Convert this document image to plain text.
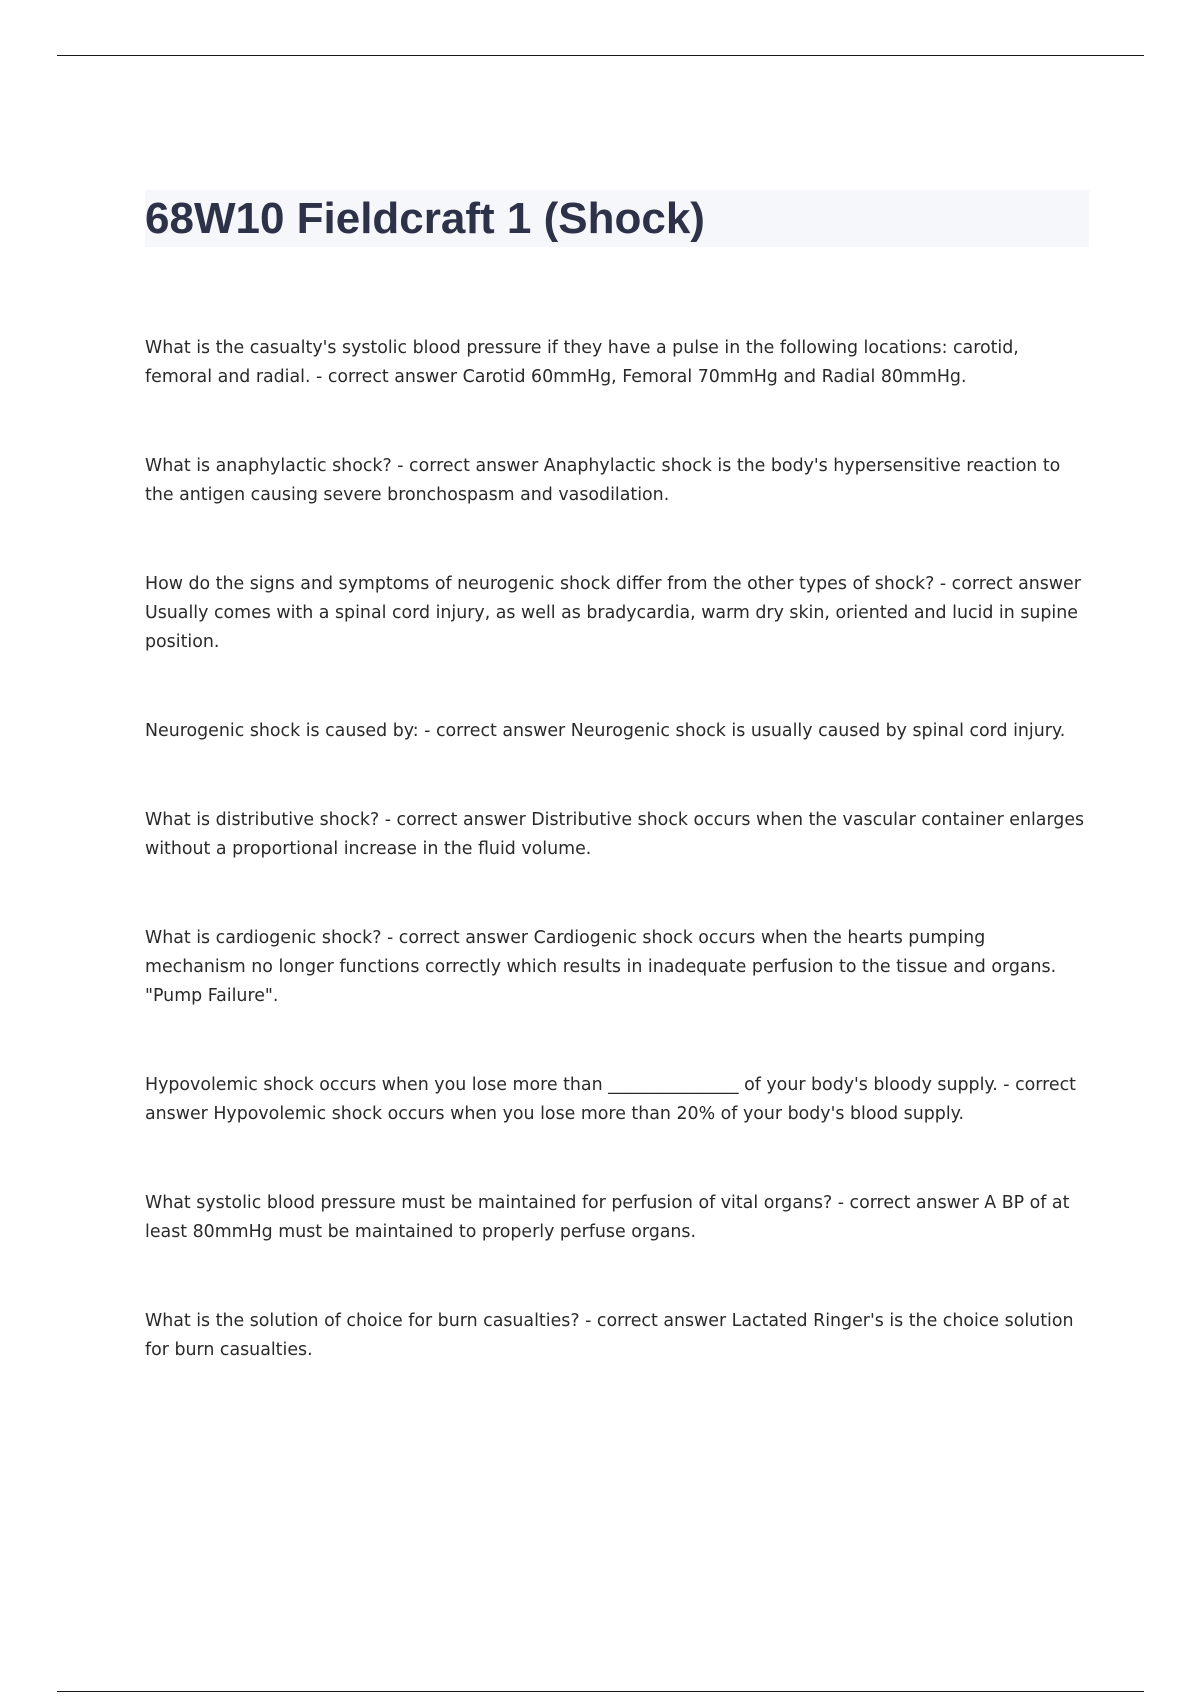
68W10 Fieldcraft 1 (Shock)
What is the casualty's systolic blood pressure if they have a pulse in the following locations: carotid, femoral and radial. - correct answer Carotid 60mmHg, Femoral 70mmHg and Radial 80mmHg.
What is anaphylactic shock? - correct answer Anaphylactic shock is the body's hypersensitive reaction to the antigen causing severe bronchospasm and vasodilation.
How do the signs and symptoms of neurogenic shock differ from the other types of shock? - correct answer Usually comes with a spinal cord injury, as well as bradycardia, warm dry skin, oriented and lucid in supine position.
Neurogenic shock is caused by: - correct answer Neurogenic shock is usually caused by spinal cord injury.
What is distributive shock? - correct answer Distributive shock occurs when the vascular container enlarges without a proportional increase in the fluid volume.
What is cardiogenic shock? - correct answer Cardiogenic shock occurs when the hearts pumping mechanism no longer functions correctly which results in inadequate perfusion to the tissue and organs. "Pump Failure".
Hypovolemic shock occurs when you lose more than _______________ of your body's bloody supply. - correct answer Hypovolemic shock occurs when you lose more than 20% of your body's blood supply.
What systolic blood pressure must be maintained for perfusion of vital organs? - correct answer A BP of at least 80mmHg must be maintained to properly perfuse organs.
What is the solution of choice for burn casualties? - correct answer Lactated Ringer's is the choice solution for burn casualties.
